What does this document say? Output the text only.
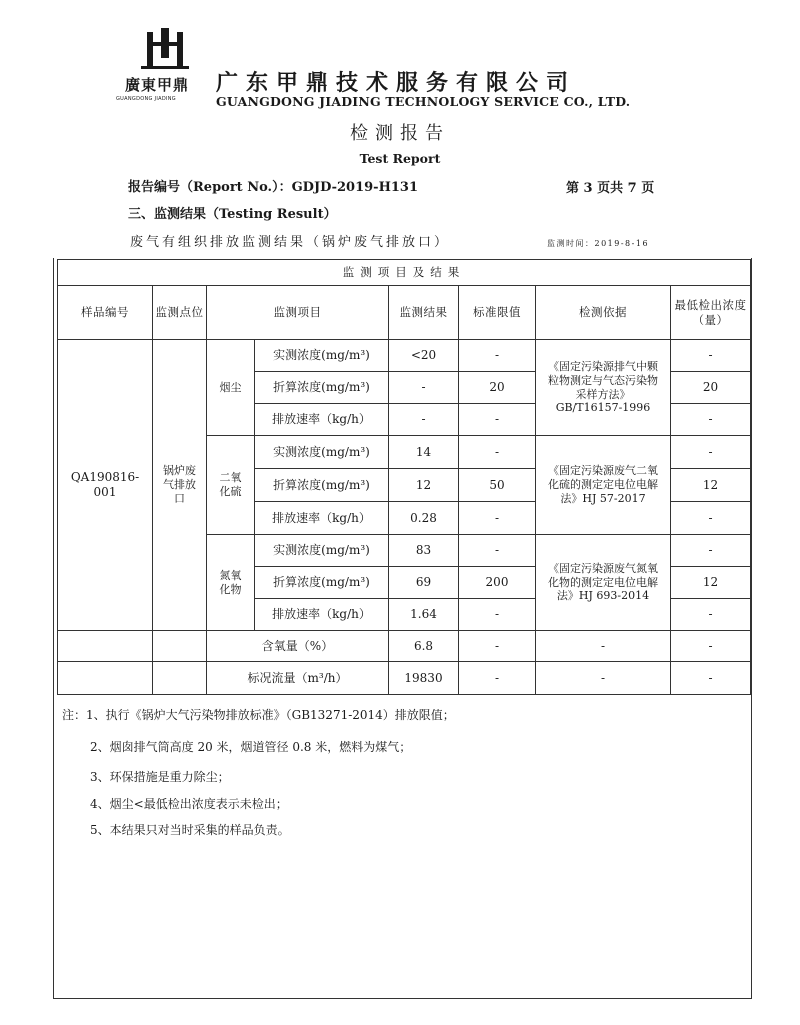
廣東甲鼎
GUANGDONG JIADING
广东甲鼎技术服务有限公司
GUANGDONG JIADING TECHNOLOGY SERVICE CO., LTD.
检测报告
Test Report
报告编号（Report No.）：GDJD-2019-H131	第 3 页共 7 页
三、监测结果（Testing Result）
废气有组织排放监测结果（锅炉废气排放口）	监测时间：2019-8-16
监测项目及结果							
样品编号	监测点位	监测项目		监测结果	标准限值	检测依据	最低检出浓度（量）
QA190816-001	锅炉废气排放口	烟尘	实测浓度(mg/m³)	<20	-	《固定污染源排气中颗粒物测定与气态污染物采样方法》GB/T16157-1996	-
			折算浓度(mg/m³)	-	20		20
			排放速率（kg/h）	-	-		-
		二氧化硫	实测浓度(mg/m³)	14	-	《固定污染源废气二氧化硫的测定定电位电解法》HJ 57-2017	-
			折算浓度(mg/m³)	12	50		12
			排放速率（kg/h）	0.28	-		-
		氮氧化物	实测浓度(mg/m³)	83	-	《固定污染源废气氮氧化物的测定定电位电解法》HJ 693-2014	-
			折算浓度(mg/m³)	69	200		12
			排放速率（kg/h）	1.64	-		-
		含氧量（%）		6.8	-	-	-
		标况流量（m³/h）		19830	-	-	-
注：1、执行《锅炉大气污染物排放标准》（GB13271-2014）排放限值；
2、烟囱排气筒高度 20 米，烟道管径 0.8 米，燃料为煤气；
3、环保措施是重力除尘；
4、烟尘<最低检出浓度表示未检出；
5、本结果只对当时采集的样品负责。
